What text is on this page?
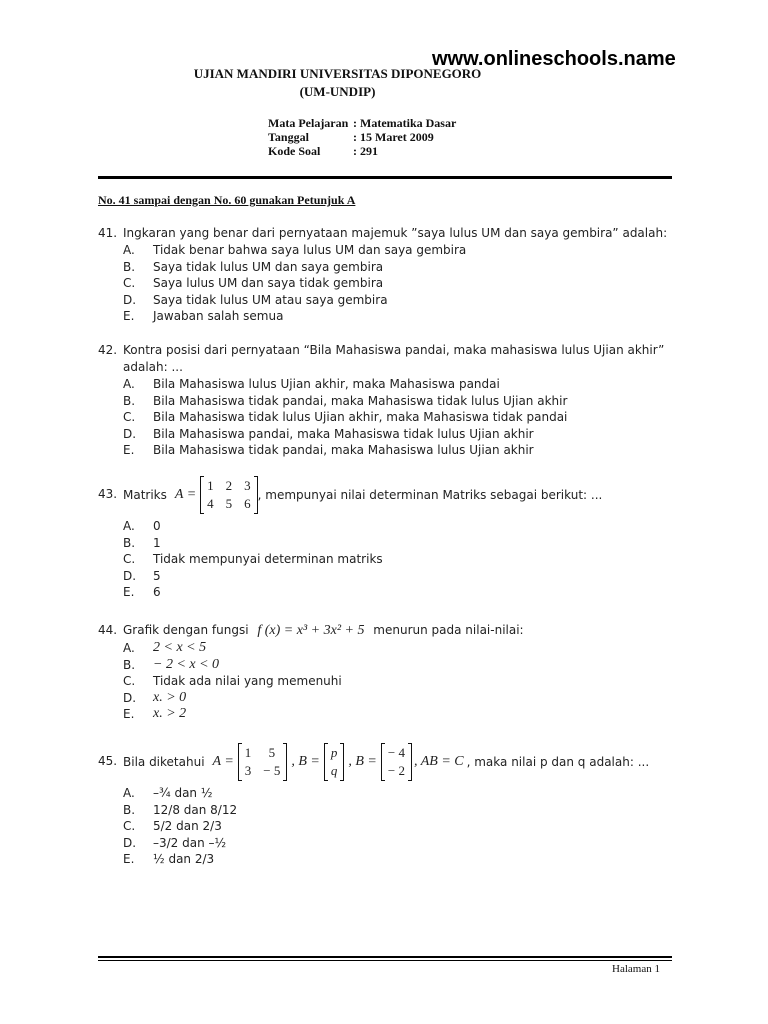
www.onlineschools.name
UJIAN MANDIRI UNIVERSITAS DIPONEGORO
(UM-UNDIP)
Mata Pelajaran : Matematika Dasar
Tanggal	: 15 Maret 2009
Kode Soal	: 291
No. 41 sampai dengan No. 60 gunakan Petunjuk A
41. Ingkaran yang benar dari pernyataan majemuk ”saya lulus UM dan saya gembira” adalah:
A. Tidak benar bahwa saya lulus UM dan saya gembira
B. Saya tidak lulus UM dan saya gembira
C. Saya lulus UM dan saya tidak gembira
D. Saya tidak lulus UM atau saya gembira
E. Jawaban salah semua
42. Kontra posisi dari pernyataan “Bila Mahasiswa pandai, maka mahasiswa lulus Ujian akhir”
adalah: ...
A. Bila Mahasiswa lulus Ujian akhir, maka Mahasiswa pandai
B. Bila Mahasiswa tidak pandai, maka Mahasiswa tidak lulus Ujian akhir
C. Bila Mahasiswa tidak lulus Ujian akhir, maka Mahasiswa tidak pandai
D. Bila Mahasiswa pandai, maka Mahasiswa tidak lulus Ujian akhir
E. Bila Mahasiswa tidak pandai, maka Mahasiswa lulus Ujian akhir
43. Matriks A =
1	2	3
4	5	6
, mempunyai nilai determinan Matriks sebagai berikut: ...
A. 0
B. 1
C. Tidak mempunyai determinan matriks
D. 5
E. 6
44. Grafik dengan fungsi f (x) = x³ + 3x² + 5 menurun pada nilai-nilai:
A. 2 < x < 5
B. − 2 < x < 0
C. Tidak ada nilai yang memenuhi
D. x. > 0
E. x. > 2
45. Bila diketahui A =
1	5
3	− 5
, B =
p
q
, B =
− 4
− 2
, AB = C , maka nilai p dan q adalah: ...
A. –¾ dan ½
B. 12/8 dan 8/12
C. 5/2 dan 2/3
D. –3/2 dan –½
E. ½ dan 2/3
Halaman 1
